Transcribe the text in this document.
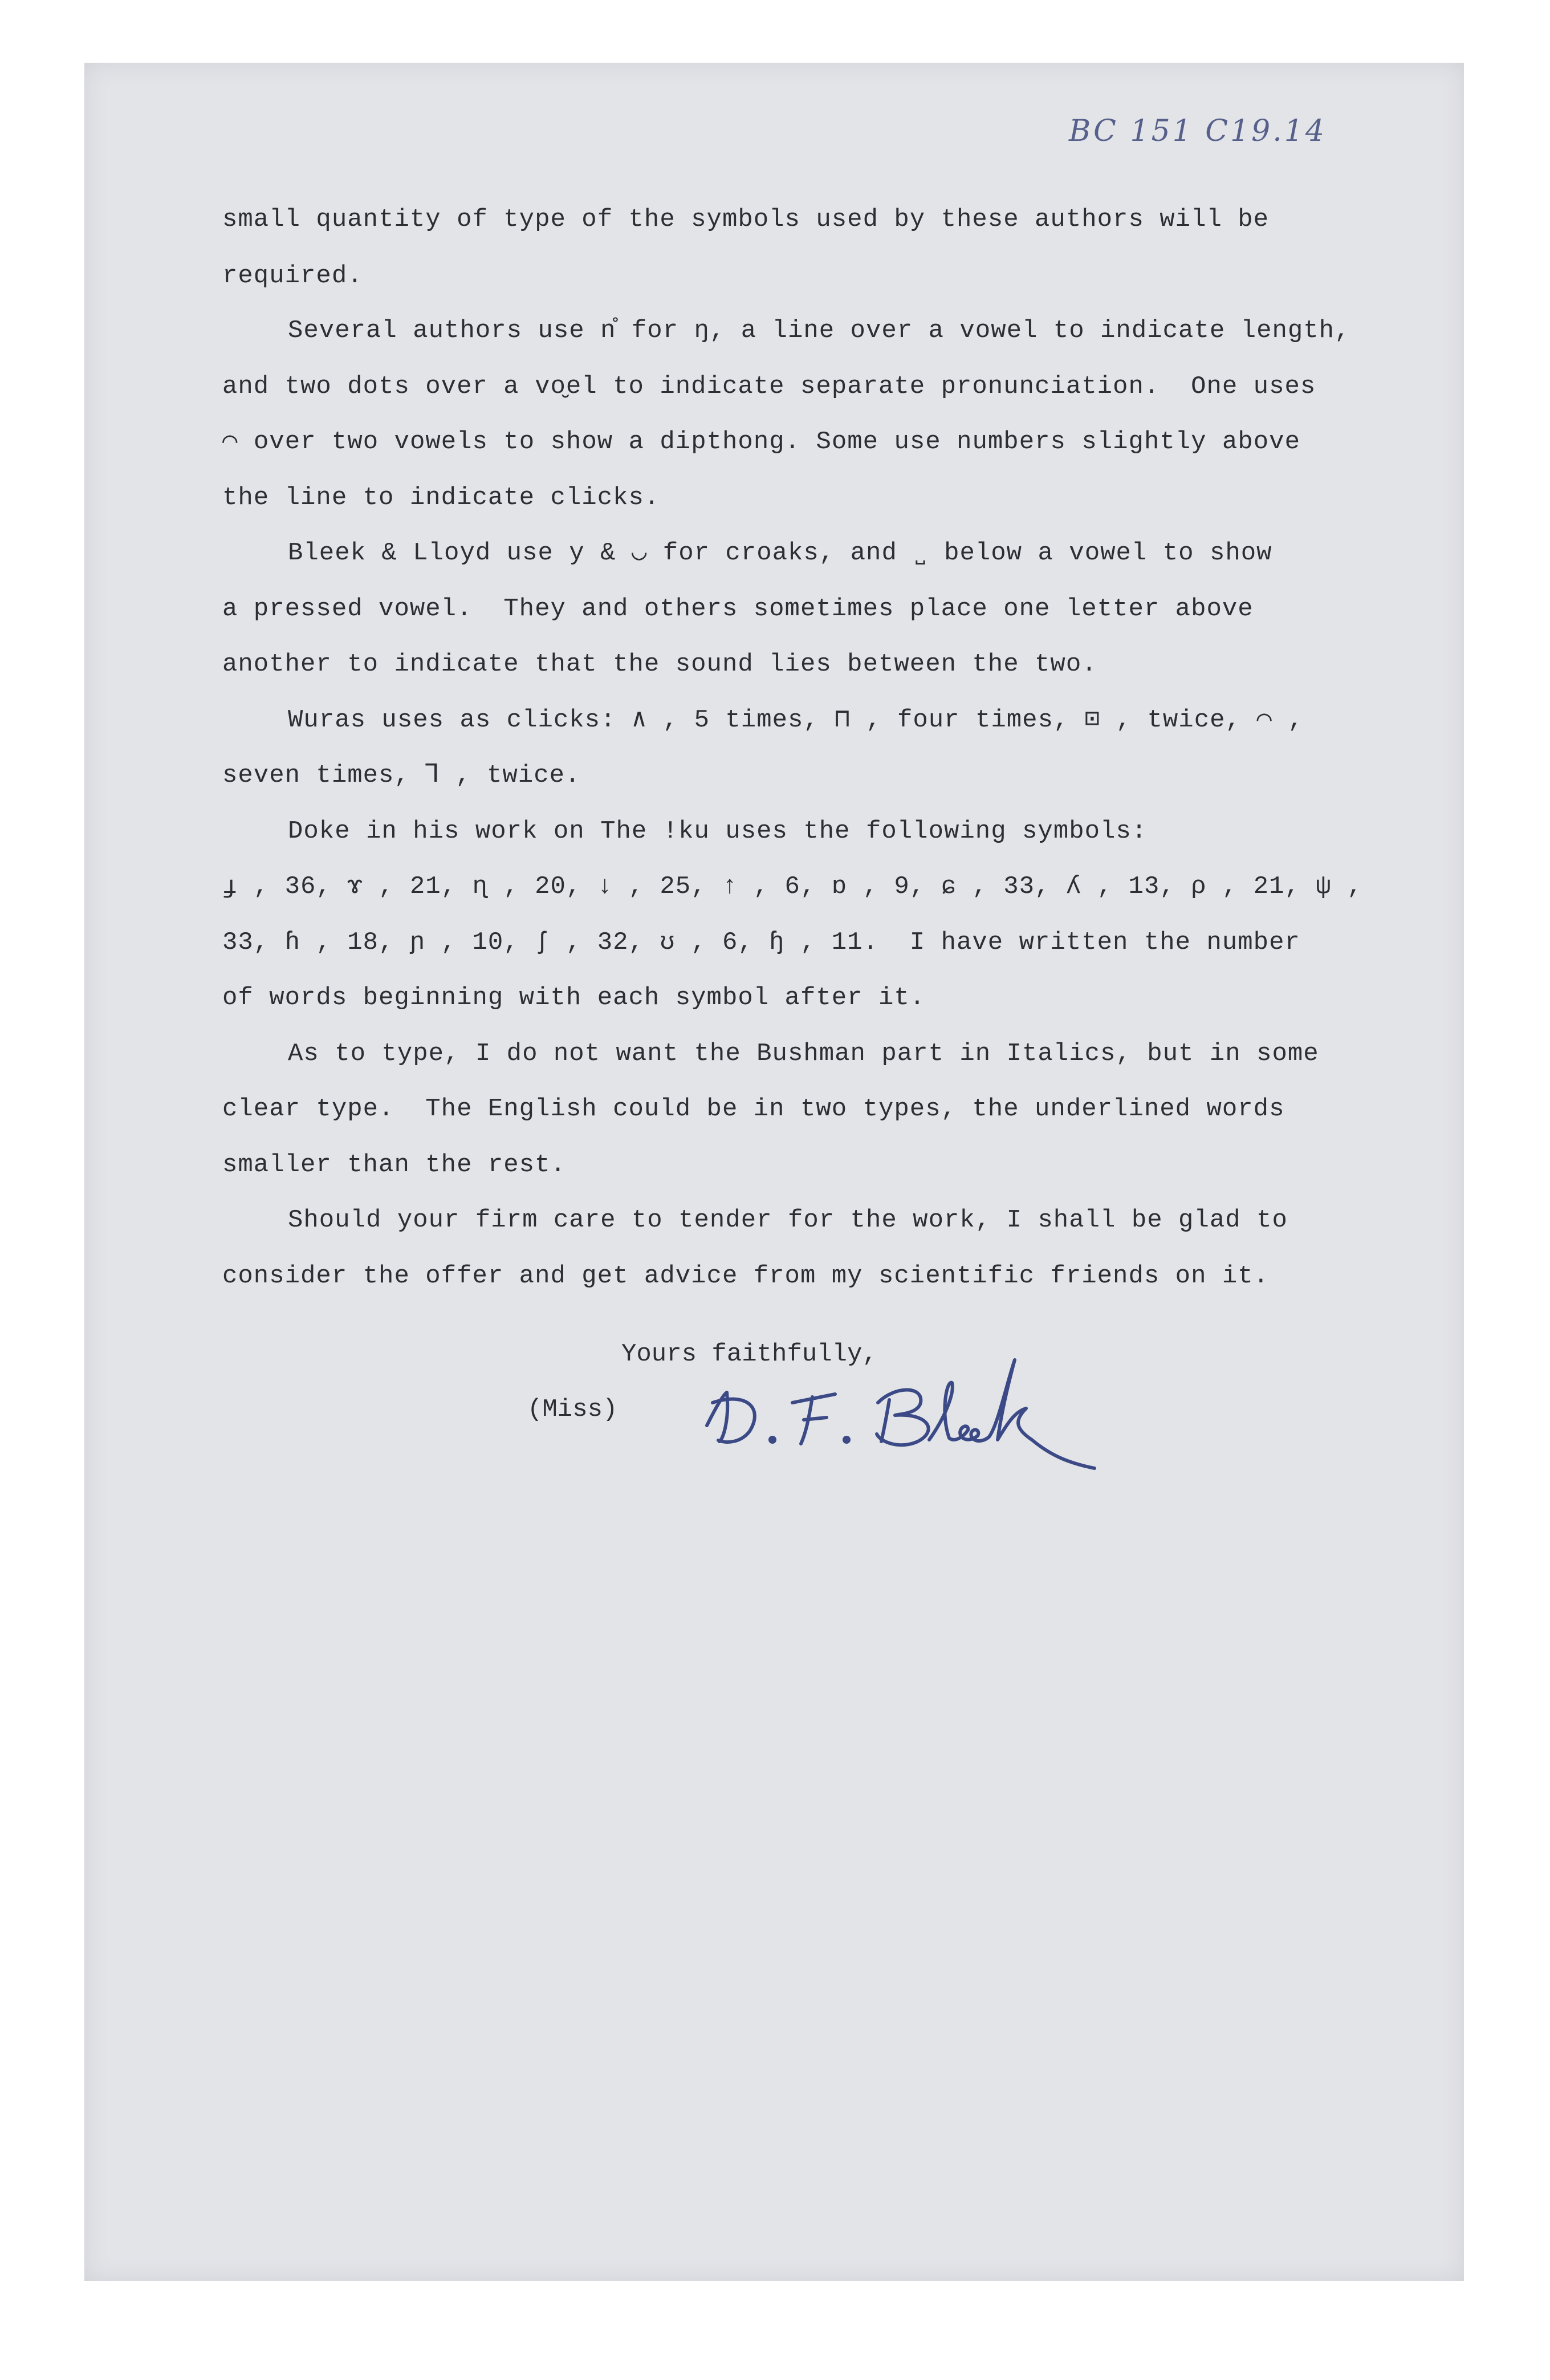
BC 151 C19.14
small quantity of type of the symbols used by these authors will be
required.
Several authors use n̊ for ŋ, a line over a vowel to indicate length,
and two dots over a vo̮el to indicate separate pronunciation.  One uses
⌒ over two vowels to show a dipthong. Some use numbers slightly above
the line to indicate clicks.
Bleek & Lloyd use y & ◡ for croaks, and ˽ below a vowel to show
a pressed vowel.  They and others sometimes place one letter above
another to indicate that the sound lies between the two.
Wuras uses as clicks: ∧ , 5 times, ⊓ , four times, ⊡ , twice, ⌒ ,
seven times, ⅂ , twice.
Doke in his work on The !ku uses the following symbols:
ɟ , 36, ɤ , 21, ɳ , 20, ↓ , 25, ↑ , 6, ɒ , 9, ɕ , 33, ʎ , 13, ρ , 21, ψ ,
33, ɦ , 18, ɲ , 10, ʃ , 32, ʊ , 6, ɧ , 11.  I have written the number
of words beginning with each symbol after it.
As to type, I do not want the Bushman part in Italics, but in some
clear type.  The English could be in two types, the underlined words
smaller than the rest.
Should your firm care to tender for the work, I shall be glad to
consider the offer and get advice from my scientific friends on it.
Yours faithfully,
(Miss)
